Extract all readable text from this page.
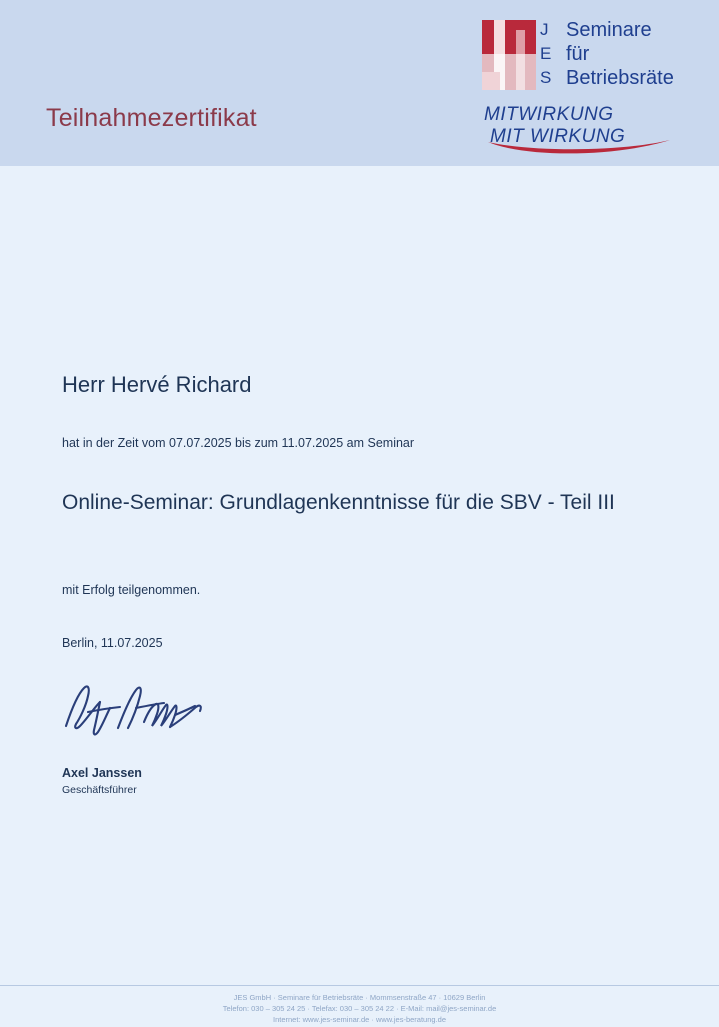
Teilnahmezertifikat
J
E
S
Seminare
für
Betriebsräte
MITWIRKUNG
MIT WIRKUNG
Herr Hervé Richard
hat in der Zeit vom 07.07.2025 bis zum 11.07.2025 am Seminar
Online-Seminar: Grundlagenkenntnisse für die SBV - Teil III
mit Erfolg teilgenommen.
Berlin, 11.07.2025
Axel Janssen
Geschäftsführer
JES GmbH · Seminare für Betriebsräte · Mommsenstraße 47 · 10629 Berlin
Telefon: 030 – 305 24 25 · Telefax: 030 – 305 24 22 · E-Mail: mail@jes-seminar.de
Internet: www.jes-seminar.de · www.jes-beratung.de
